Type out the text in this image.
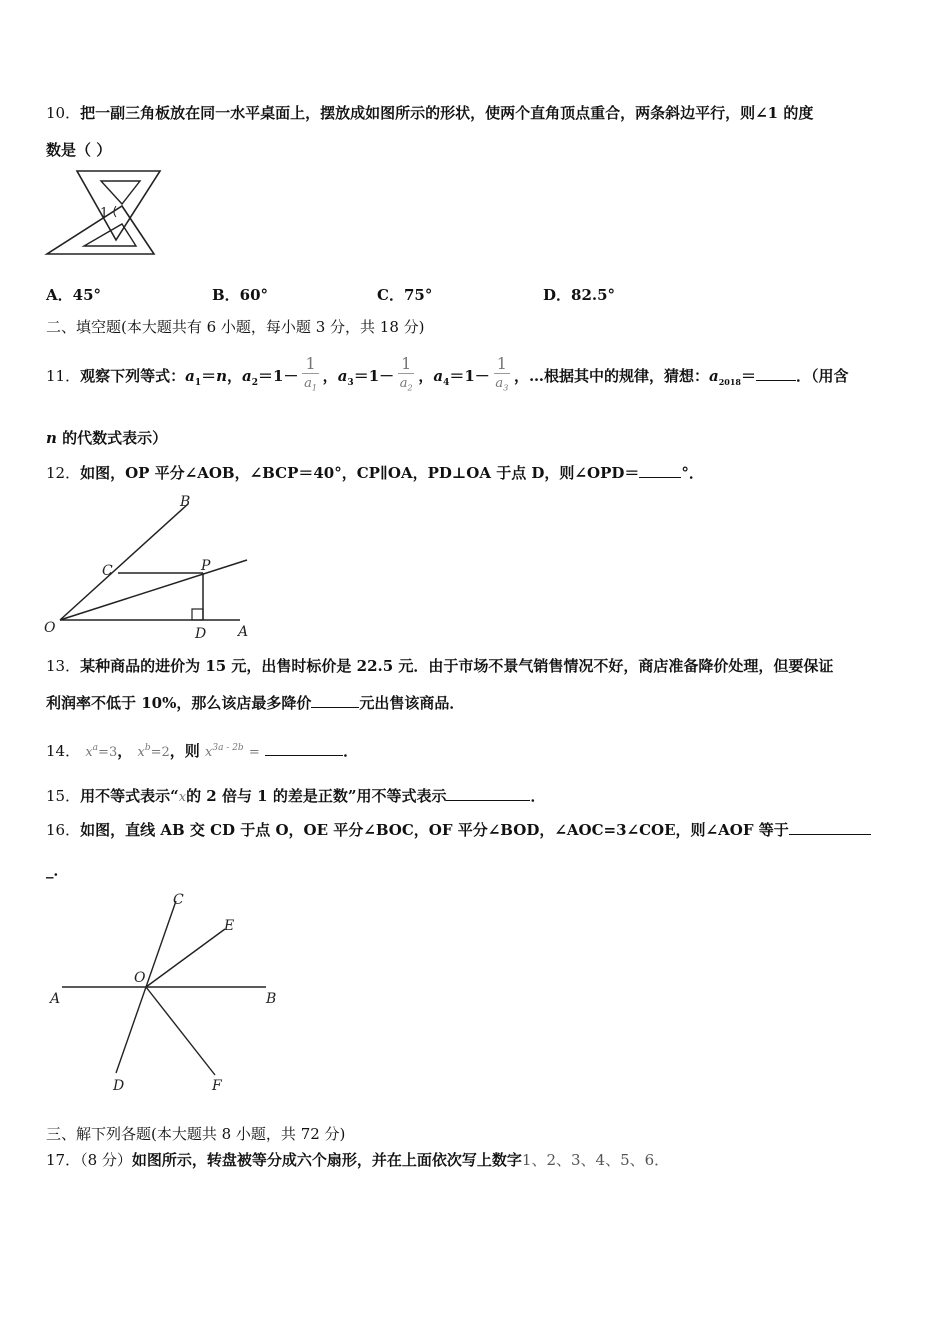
10．把一副三角板放在同一水平桌面上，摆放成如图所示的形状，使两个直角顶点重合，两条斜边平行，则∠1 的度
数是（ ）
1
A．45°	B．60°	C．75°	D．82.5°
二、填空题(本大题共有 6 小题，每小题 3 分，共 18 分)
11．观察下列等式：$a_1=n$，$a_2=1- \frac{1}{a_1}$ ，$a_3=1- \frac{1}{a_2}$ ，$a_4=1- \frac{1}{a_3}$ ，…根据其中的规律，猜想：$a_{2018}=$	．（用含
n 的代数式表示）
12．如图，OP 平分∠AOB，∠BCP＝40°，CP∥OA，PD⊥OA 于点 D，则∠OPD＝	°．
B
C	P
O	D A
13．某种商品的进价为 15 元，出售时标价是 22.5 元．由于市场不景气销售情况不好，商店准备降价处理，但要保证
利润率不低于 10%，那么该店最多降价	元出售该商品．
14． $x^a=3$， $x^b=2$，则 $x^{3a - 2b}$ =	．
15．用不等式表示“x的 2 倍与 1 的差是正数”用不等式表示	．
16．如图，直线 AB 交 CD 于点 O，OE 平分∠BOC，OF 平分∠BOD，∠AOC=3∠COE，则∠AOF 等于
_．
C
E
O
A	B
D	F
三、解下列各题(本大题共 8 小题，共 72 分)
17．（8 分）如图所示，转盘被等分成六个扇形，并在上面依次写上数字1、2、3、4、5、6．
